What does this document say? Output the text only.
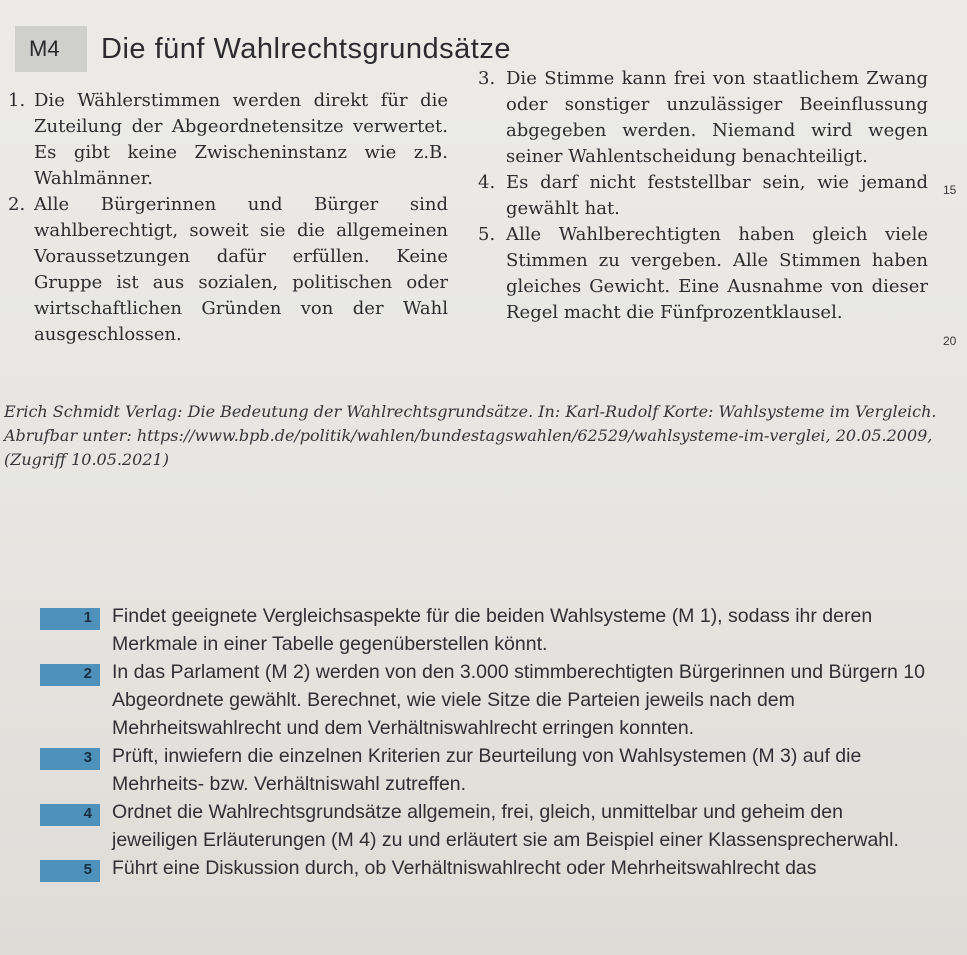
M4	Die fünf Wahlrechtsgrundsätze
1. Die Wählerstimmen werden direkt für die Zuteilung der Abgeordnetensitze verwertet. Es gibt keine Zwischeninstanz wie z.B. Wahlmänner.
2. Alle Bürgerinnen und Bürger sind wahlberechtigt, soweit sie die allgemeinen Voraussetzungen dafür erfüllen. Keine Gruppe ist aus sozialen, politischen oder wirtschaftlichen Gründen von der Wahl ausgeschlossen.
3. Die Stimme kann frei von staatlichem Zwang oder sonstiger unzulässiger Beeinflussung abgegeben werden. Niemand wird wegen seiner Wahlentscheidung benachteiligt.
4. Es darf nicht feststellbar sein, wie jemand gewählt hat.
5. Alle Wahlberechtigten haben gleich viele Stimmen zu vergeben. Alle Stimmen haben gleiches Gewicht. Eine Ausnahme von dieser Regel macht die Fünfprozentklausel.
15
20
Erich Schmidt Verlag: Die Bedeutung der Wahlrechtsgrundsätze. In: Karl-Rudolf Korte: Wahlsysteme im Vergleich. Abrufbar unter: https://www.bpb.de/politik/wahlen/bundestagswahlen/62529/wahlsysteme-im-verglei, 20.05.2009, (Zugriff 10.05.2021)
1 Findet geeignete Vergleichsaspekte für die beiden Wahlsysteme (M 1), sodass ihr deren Merkmale in einer Tabelle gegenüberstellen könnt.
2 In das Parlament (M 2) werden von den 3.000 stimmberechtigten Bürgerinnen und Bürgern 10 Abgeordnete gewählt. Berechnet, wie viele Sitze die Parteien jeweils nach dem Mehrheitswahlrecht und dem Verhältniswahlrecht erringen konnten.
3 Prüft, inwiefern die einzelnen Kriterien zur Beurteilung von Wahlsystemen (M 3) auf die Mehrheits- bzw. Verhältniswahl zutreffen.
4 Ordnet die Wahlrechtsgrundsätze allgemein, frei, gleich, unmittelbar und geheim den jeweiligen Erläuterungen (M 4) zu und erläutert sie am Beispiel einer Klassensprecherwahl.
5 Führt eine Diskussion durch, ob Verhältniswahlrecht oder Mehrheitswahlrecht das
